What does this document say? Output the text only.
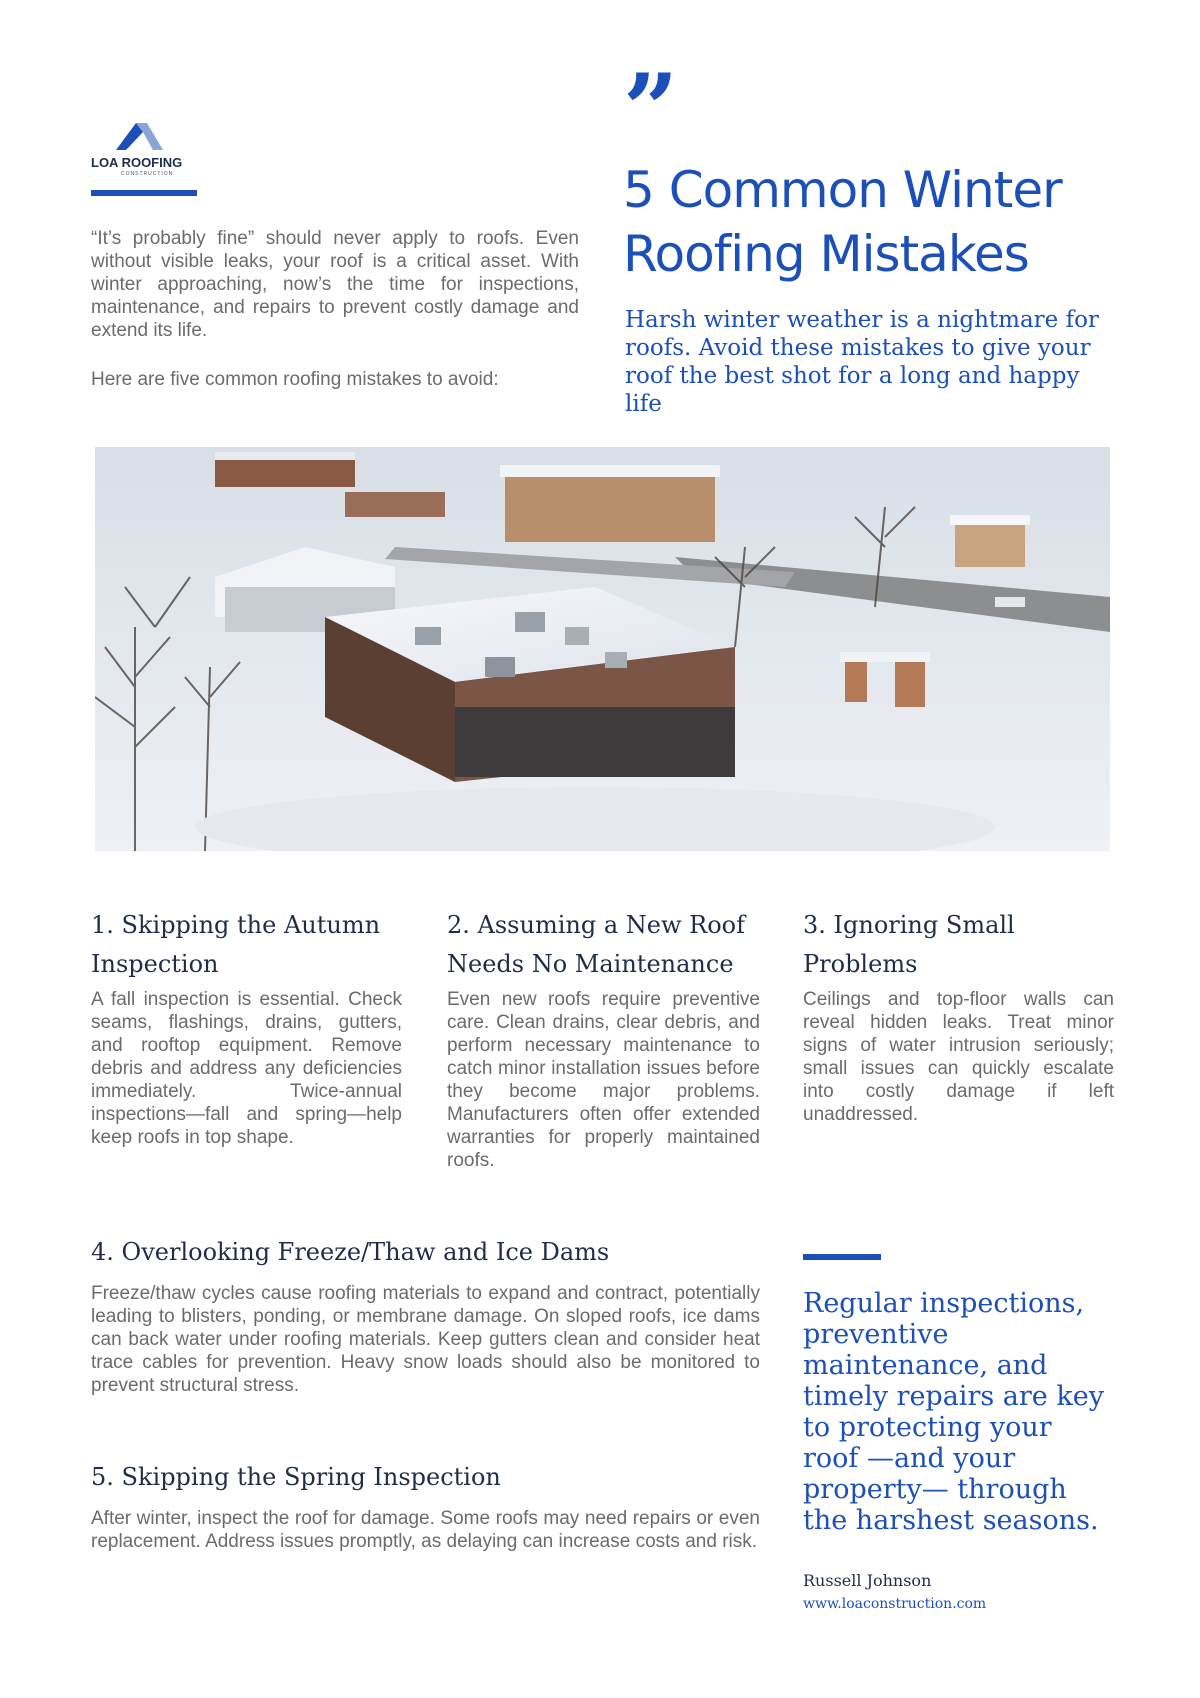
LOA ROOFING
CONSTRUCTION
“It’s probably fine” should never apply to roofs. Even without visible leaks, your roof is a critical asset. With winter approaching, now’s the time for inspections, maintenance, and repairs to prevent costly damage and extend its life.
Here are five common roofing mistakes to avoid:
”
5 Common Winter
Roofing Mistakes
Harsh winter weather is a nightmare for roofs. Avoid these mistakes to give your roof the best shot for a long and happy life
1. Skipping the Autumn Inspection
A fall inspection is essential. Check seams, flashings, drains, gutters, and rooftop equipment. Remove debris and address any deficiencies immediately. Twice-annual inspections—fall and spring—help keep roofs in top shape.
2. Assuming a New Roof Needs No Maintenance
Even new roofs require preventive care. Clean drains, clear debris, and perform necessary maintenance to catch minor installation issues before they become major problems. Manufacturers often offer extended warranties for properly maintained roofs.
3. Ignoring Small Problems
Ceilings and top-floor walls can reveal hidden leaks. Treat minor signs of water intrusion seriously; small issues can quickly escalate into costly damage if left unaddressed.
4. Overlooking Freeze/Thaw and Ice Dams
Freeze/thaw cycles cause roofing materials to expand and contract, potentially leading to blisters, ponding, or membrane damage. On sloped roofs, ice dams can back water under roofing materials. Keep gutters clean and consider heat trace cables for prevention. Heavy snow loads should also be monitored to prevent structural stress.
5. Skipping the Spring Inspection
After winter, inspect the roof for damage. Some roofs may need repairs or even replacement. Address issues promptly, as delaying can increase costs and risk.
Regular inspections, preventive maintenance, and timely repairs are key to protecting your roof —and your property— through the harshest seasons.
Russell Johnson
www.loaconstruction.com
